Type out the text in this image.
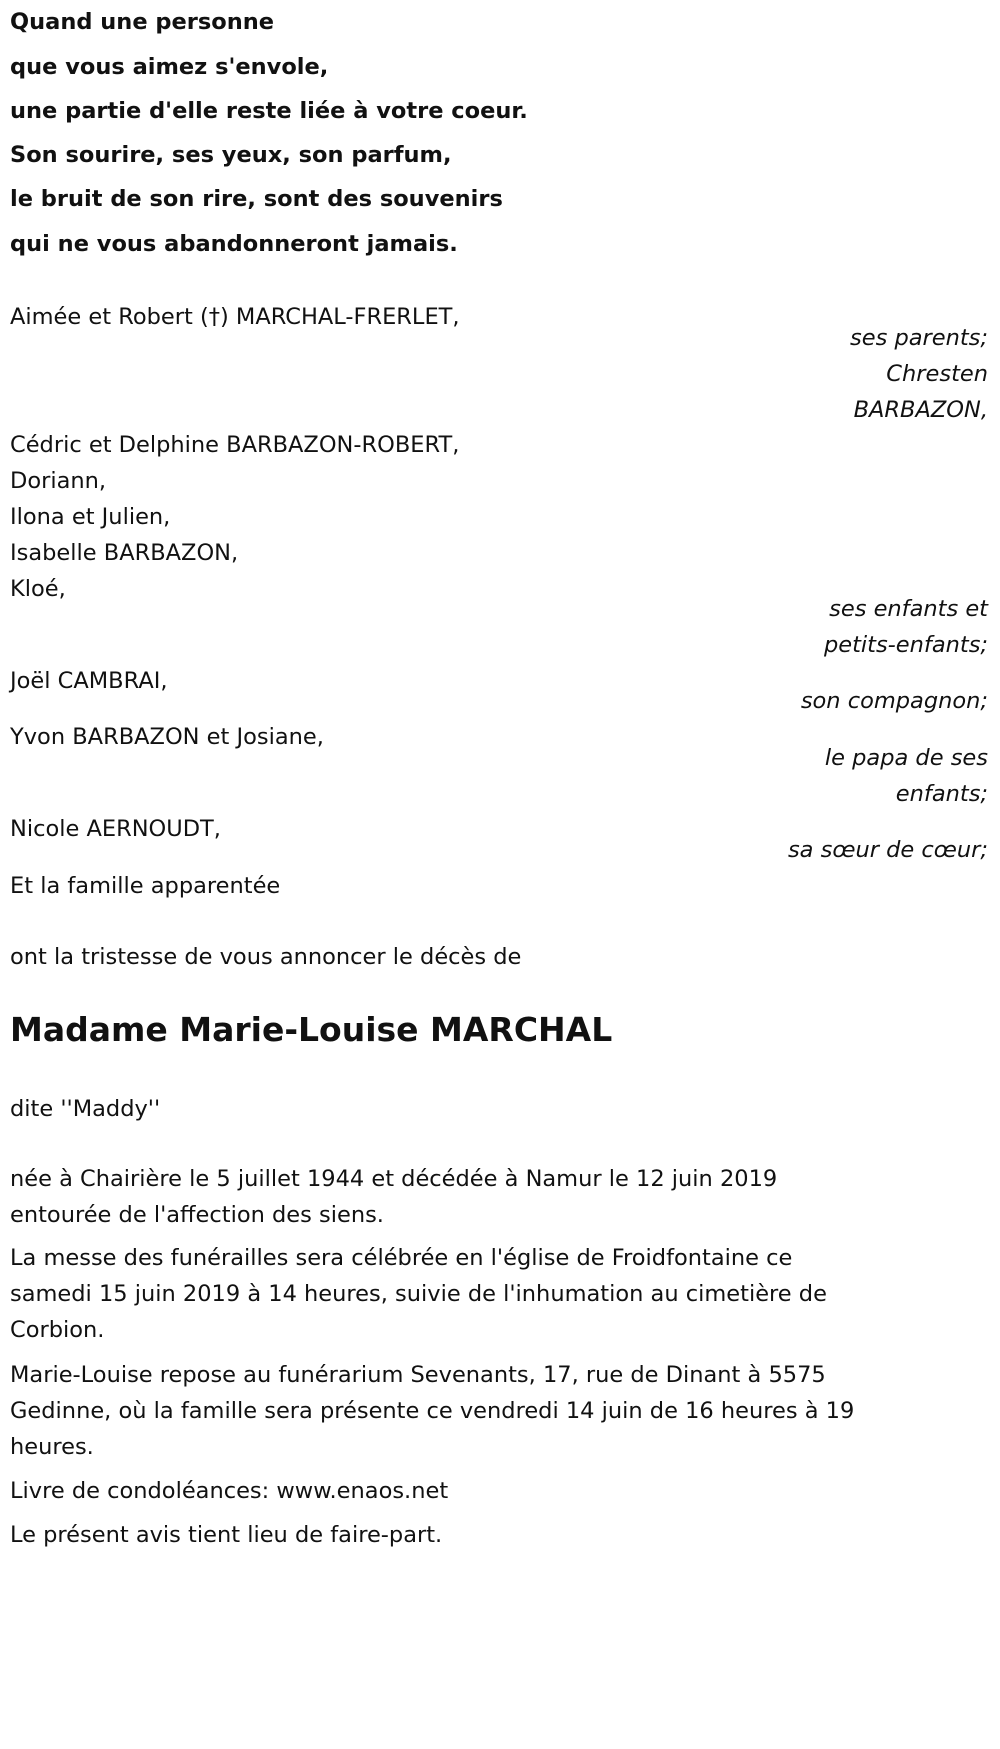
Quand une personne
que vous aimez s'envole,
une partie d'elle reste liée à votre coeur.
Son sourire, ses yeux, son parfum,
le bruit de son rire, sont des souvenirs
qui ne vous abandonneront jamais.
Aimée et Robert (†) MARCHAL-FRERLET,
ses parents;
Chresten
BARBAZON,
Cédric et Delphine BARBAZON-ROBERT,
Doriann,
Ilona et Julien,
Isabelle BARBAZON,
Kloé,
ses enfants et
petits-enfants;
Joël CAMBRAI,
son compagnon;
Yvon BARBAZON et Josiane,
le papa de ses
enfants;
Nicole AERNOUDT,
sa sœur de cœur;
Et la famille apparentée
ont la tristesse de vous annoncer le décès de
Madame Marie-Louise MARCHAL
dite ''Maddy''
née à Chairière le 5 juillet 1944 et décédée à Namur le 12 juin 2019
entourée de l'affection des siens.
La messe des funérailles sera célébrée en l'église de Froidfontaine ce
samedi 15 juin 2019 à 14 heures, suivie de l'inhumation au cimetière de
Corbion.
Marie-Louise repose au funérarium Sevenants, 17, rue de Dinant à 5575
Gedinne, où la famille sera présente ce vendredi 14 juin de 16 heures à 19
heures.
Livre de condoléances: www.enaos.net
Le présent avis tient lieu de faire-part.
